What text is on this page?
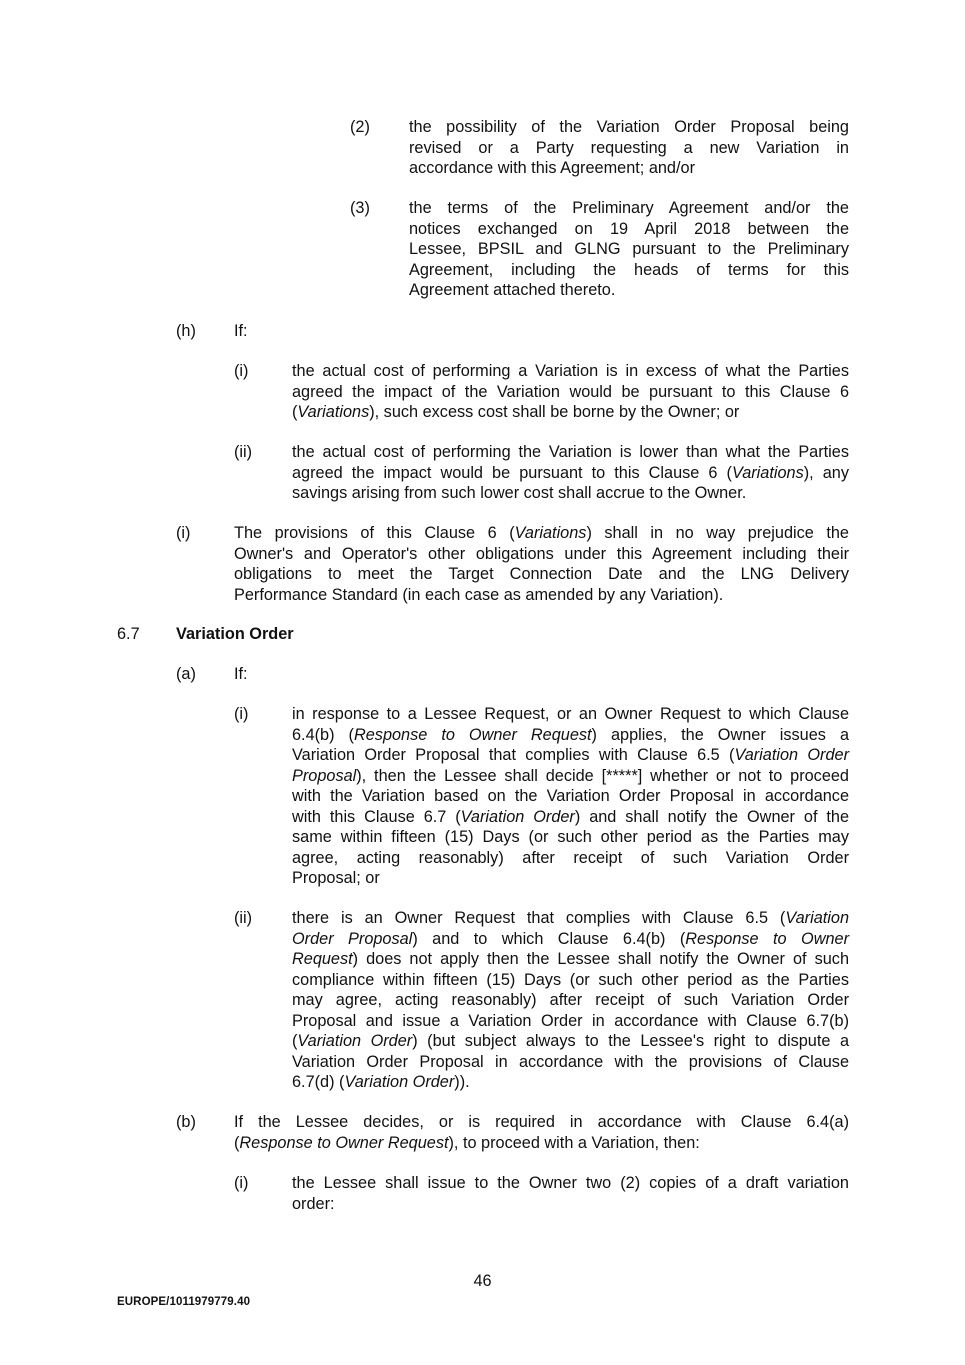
(2) the possibility of the Variation Order Proposal being
revised or a Party requesting a new Variation in
accordance with this Agreement; and/or
(3) the terms of the Preliminary Agreement and/or the
notices exchanged on 19 April 2018 between the
Lessee, BPSIL and GLNG pursuant to the Preliminary
Agreement, including the heads of terms for this
Agreement attached thereto.
(h) If:
(i)	the actual cost of performing a Variation is in excess of what the Parties
agreed the impact of the Variation would be pursuant to this Clause 6
(Variations), such excess cost shall be borne by the Owner; or
(ii) the actual cost of performing the Variation is lower than what the Parties
agreed the impact would be pursuant to this Clause 6 (Variations), any
savings arising from such lower cost shall accrue to the Owner.
(i)	The provisions of this Clause 6 (Variations) shall in no way prejudice the
Owner's and Operator's other obligations under this Agreement including their
obligations to meet the Target Connection Date and the LNG Delivery
Performance Standard (in each case as amended by any Variation).
6.7 Variation Order
(a) If:
(i)	in response to a Lessee Request, or an Owner Request to which Clause
6.4(b) (Response to Owner Request) applies, the Owner issues a
Variation Order Proposal that complies with Clause 6.5 (Variation Order
Proposal), then the Lessee shall decide [*****] whether or not to proceed
with the Variation based on the Variation Order Proposal in accordance
with this Clause 6.7 (Variation Order) and shall notify the Owner of the
same within fifteen (15) Days (or such other period as the Parties may
agree, acting reasonably) after receipt of such Variation Order
Proposal; or
(ii) there is an Owner Request that complies with Clause 6.5 (Variation
Order Proposal) and to which Clause 6.4(b) (Response to Owner
Request) does not apply then the Lessee shall notify the Owner of such
compliance within fifteen (15) Days (or such other period as the Parties
may agree, acting reasonably) after receipt of such Variation Order
Proposal and issue a Variation Order in accordance with Clause 6.7(b)
(Variation Order) (but subject always to the Lessee's right to dispute a
Variation Order Proposal in accordance with the provisions of Clause
6.7(d) (Variation Order)).
(b) If the Lessee decides, or is required in accordance with Clause 6.4(a)
(Response to Owner Request), to proceed with a Variation, then:
(i)	the Lessee shall issue to the Owner two (2) copies of a draft variation
order:
46
EUROPE/1011979779.40
